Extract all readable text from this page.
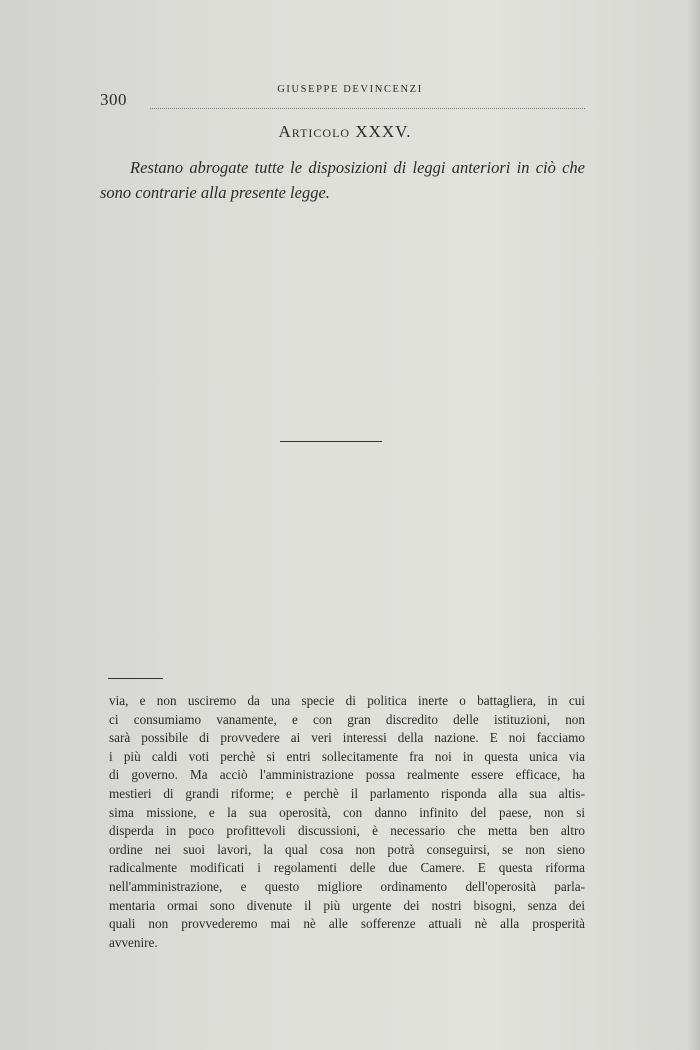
300
GIUSEPPE DEVINCENZI
Articolo XXXV.

Restano abrogate tutte le disposizioni di leggi anteriori in ciò che sono contrarie alla presente legge.

via, e non usciremo da una specie di politica inerte o battagliera, in cui
ci consumiamo vanamente, e con gran discredito delle istituzioni, non
sarà possibile di provvedere ai veri interessi della nazione. E noi facciamo
i più caldi voti perchè si entri sollecitamente fra noi in questa unica via
di governo. Ma acciò l'amministrazione possa realmente essere efficace, ha
mestieri di grandi riforme; e perchè il parlamento risponda alla sua altis-
sima missione, e la sua operosità, con danno infinito del paese, non si
disperda in poco profittevoli discussioni, è necessario che metta ben altro
ordine nei suoi lavori, la qual cosa non potrà conseguirsi, se non sieno
radicalmente modificati i regolamenti delle due Camere. E questa riforma
nell'amministrazione, e questo migliore ordinamento dell'operosità parla-
mentaria ormai sono divenute il più urgente dei nostri bisogni, senza dei
quali non provvederemo mai nè alle sofferenze attuali nè alla prosperità
avvenire.
